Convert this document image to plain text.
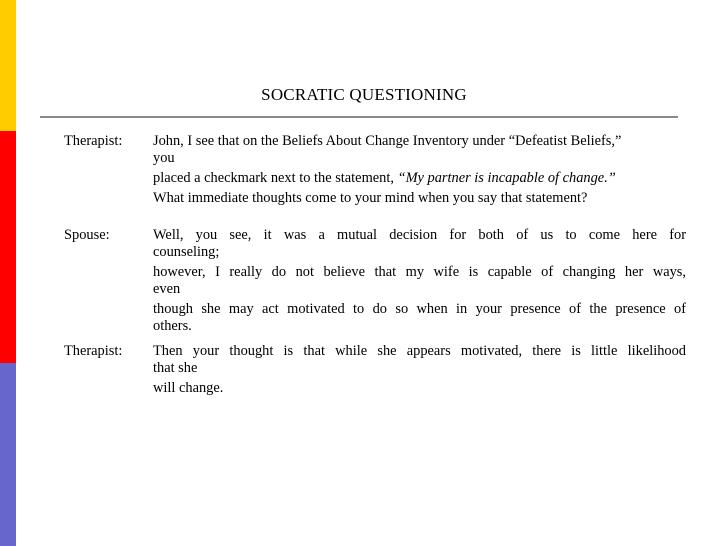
SOCRATIC QUESTIONING
Therapist: John, I see that on the Beliefs About Change Inventory under “Defeatist Beliefs,”
you
placed a checkmark next to the statement, “My partner is incapable of change.”
What immediate thoughts come to your mind when you say that statement?
Spouse:	Well, you see, it was a mutual decision for both of us to come here for
counseling;
however, I really do not believe that my wife is capable of changing her ways,
even
though she may act motivated to do so when in your presence of the presence of
others.
Therapist: Then your thought is that while she appears motivated, there is little likelihood
that she
will change.
